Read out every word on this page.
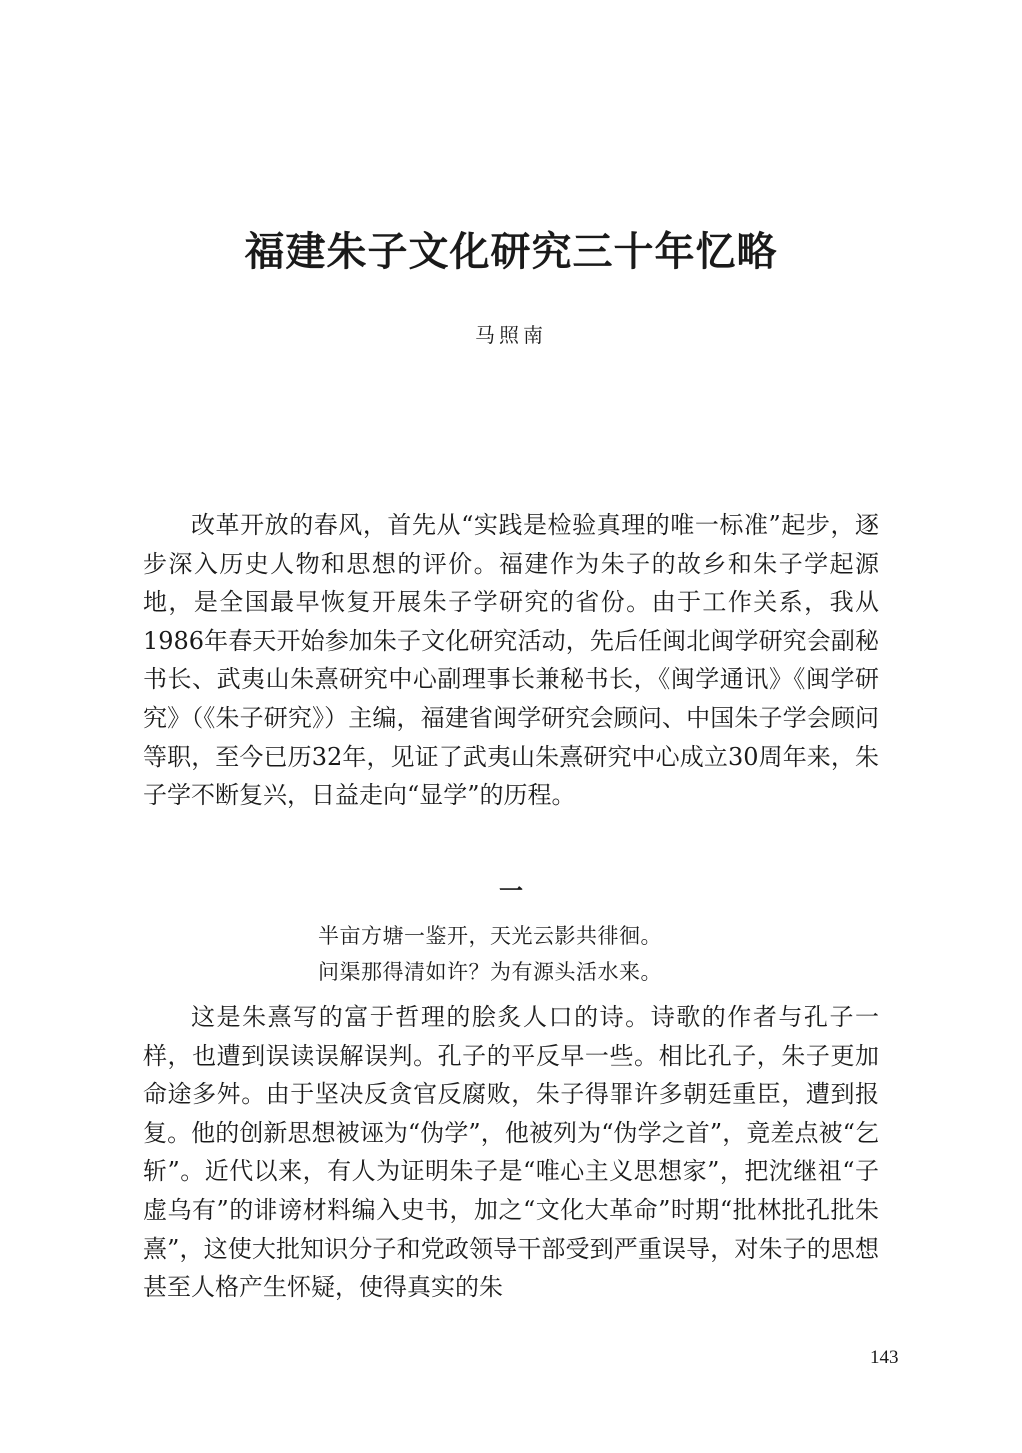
福建朱子文化研究三十年忆略

马照南

改革开放的春风，首先从“实践是检验真理的唯一标准”起步，逐步深入历史人物和思想的评价。福建作为朱子的故乡和朱子学起源地，是全国最早恢复开展朱子学研究的省份。由于工作关系，我从1986年春天开始参加朱子文化研究活动，先后任闽北闽学研究会副秘书长、武夷山朱熹研究中心副理事长兼秘书长，《闽学通讯》《闽学研究》（《朱子研究》）主编，福建省闽学研究会顾问、中国朱子学会顾问等职，至今已历32年，见证了武夷山朱熹研究中心成立30周年来，朱子学不断复兴，日益走向“显学”的历程。

一

半亩方塘一鉴开，天光云影共徘徊。
问渠那得清如许？为有源头活水来。

这是朱熹写的富于哲理的脍炙人口的诗。诗歌的作者与孔子一样，也遭到误读误解误判。孔子的平反早一些。相比孔子，朱子更加命途多舛。由于坚决反贪官反腐败，朱子得罪许多朝廷重臣，遭到报复。他的创新思想被诬为“伪学”，他被列为“伪学之首”，竟差点被“乞斩”。近代以来，有人为证明朱子是“唯心主义思想家”，把沈继祖“子虚乌有”的诽谤材料编入史书，加之“文化大革命”时期“批林批孔批朱熹”，这使大批知识分子和党政领导干部受到严重误导，对朱子的思想甚至人格产生怀疑，使得真实的朱

143
